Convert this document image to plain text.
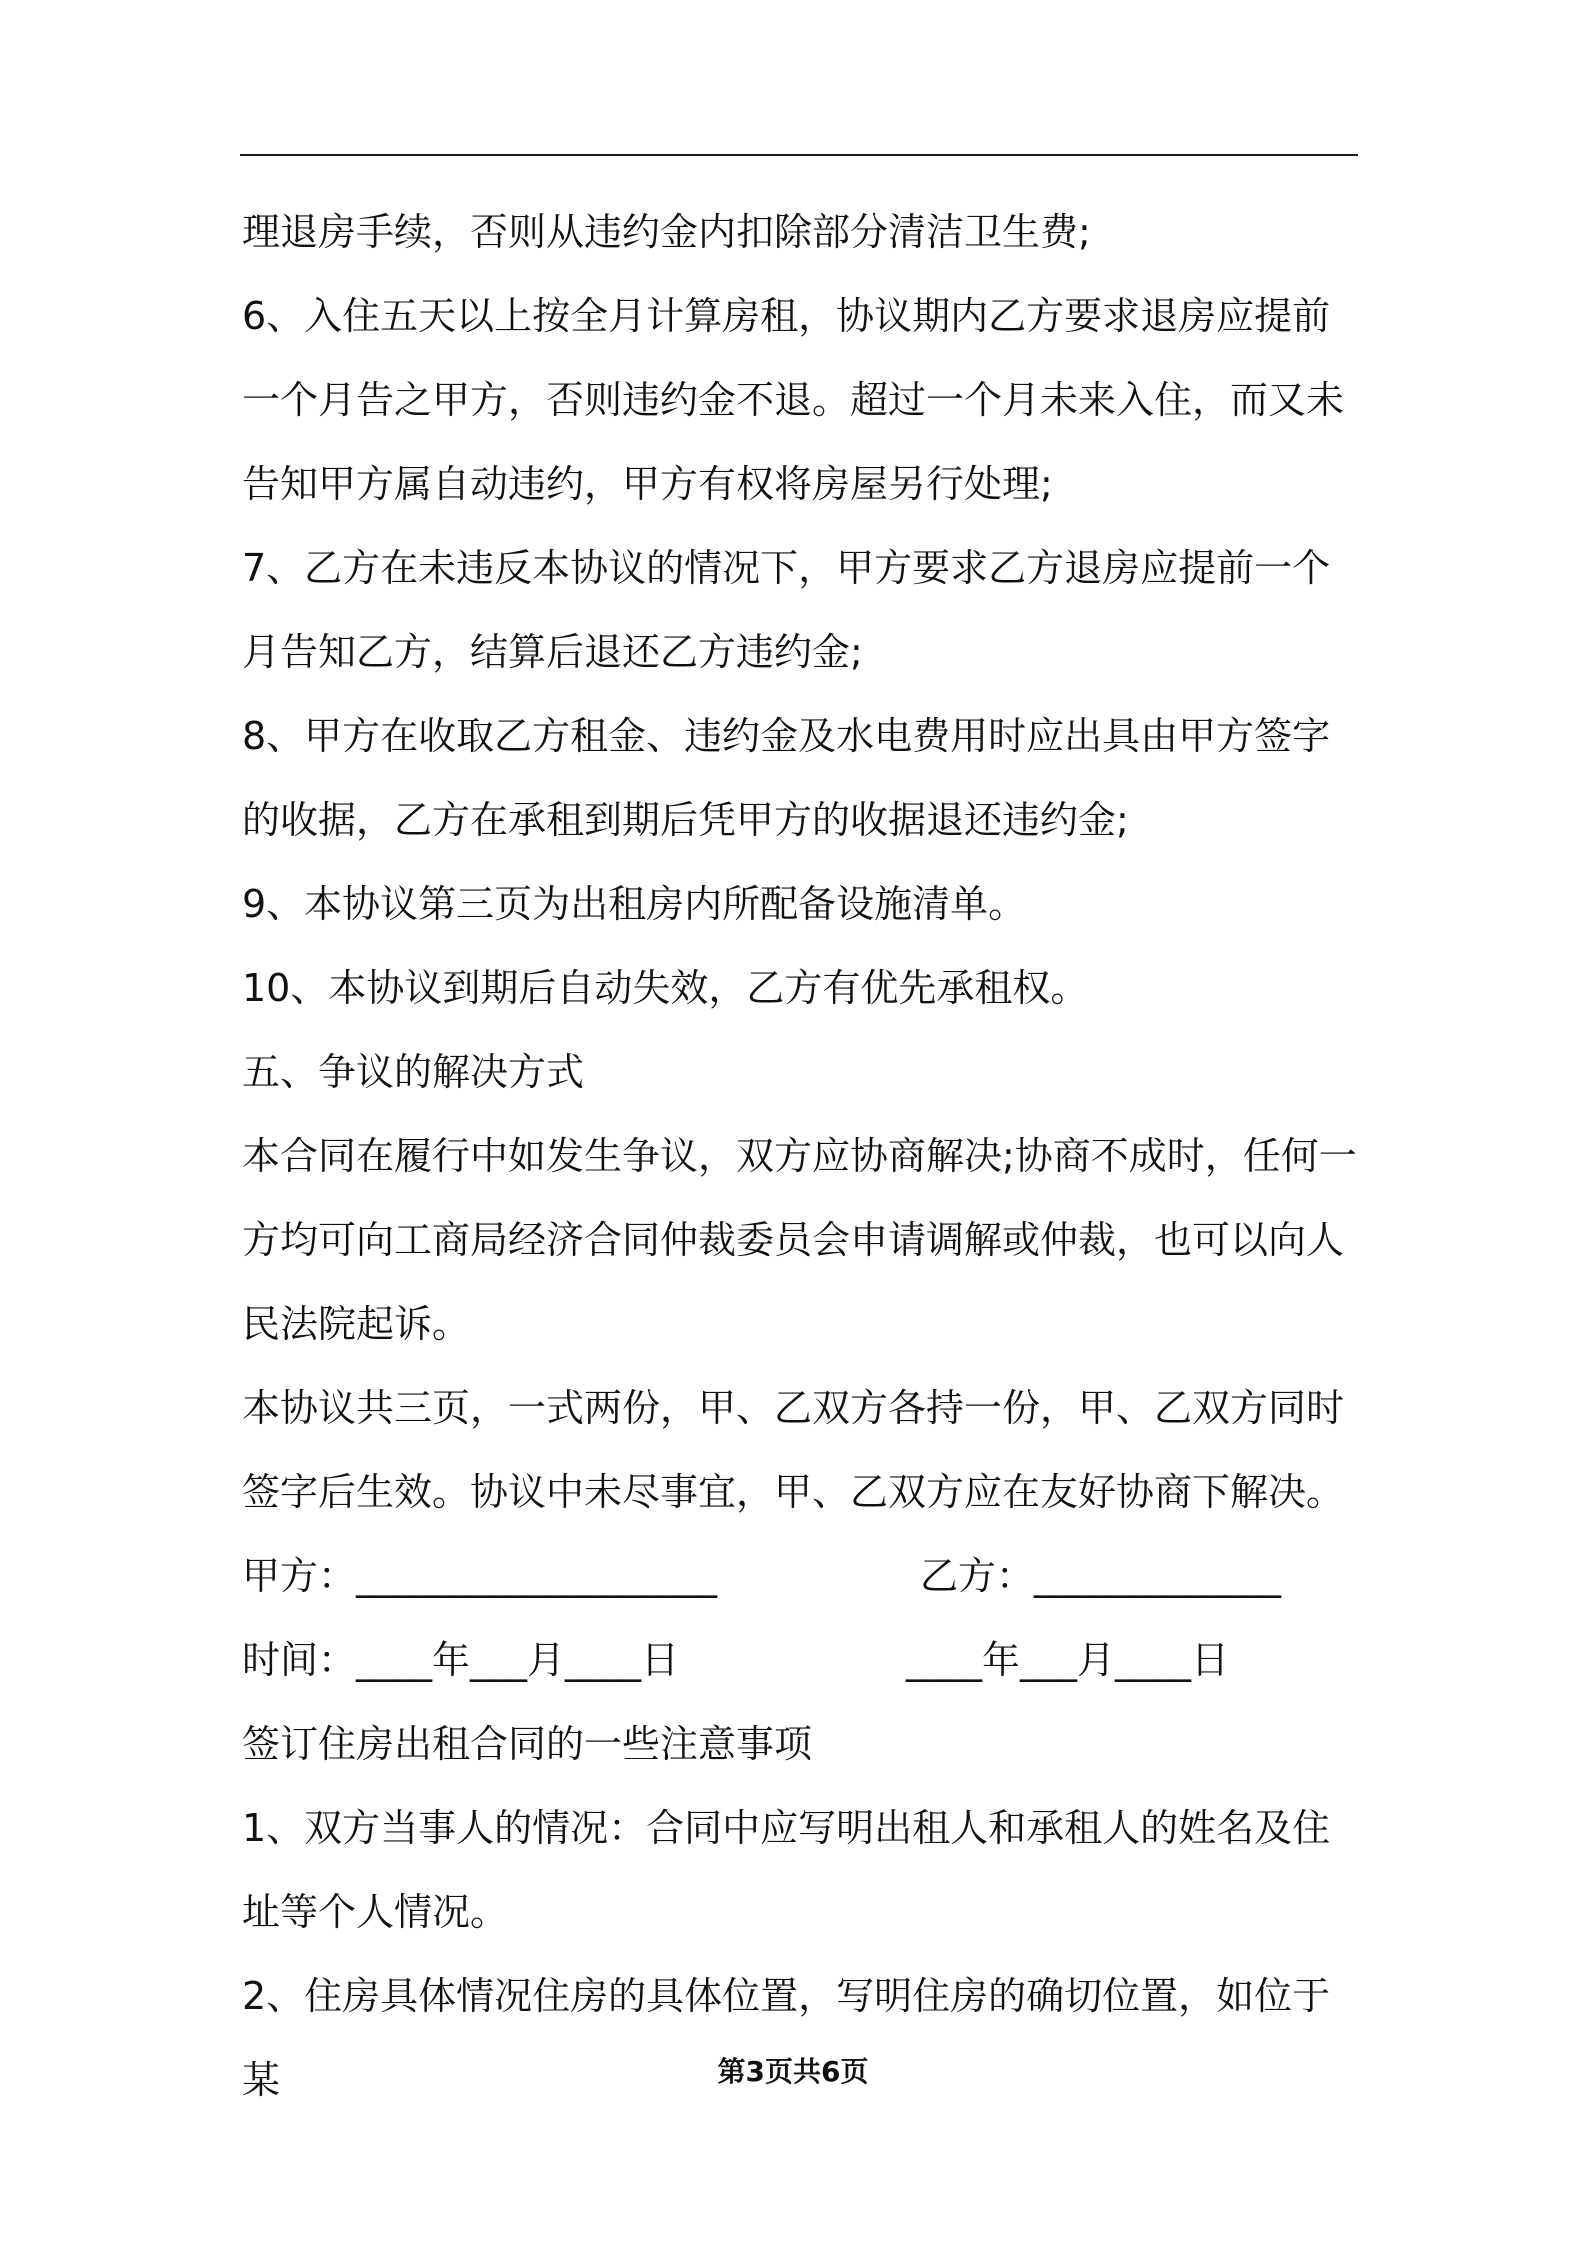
理退房手续，否则从违约金内扣除部分清洁卫生费;

6、入住五天以上按全月计算房租，协议期内乙方要求退房应提前一个月告之甲方，否则违约金不退。超过一个月未来入住，而又未告知甲方属自动违约，甲方有权将房屋另行处理;

7、乙方在未违反本协议的情况下，甲方要求乙方退房应提前一个月告知乙方，结算后退还乙方违约金;

8、甲方在收取乙方租金、违约金及水电费用时应出具由甲方签字的收据，乙方在承租到期后凭甲方的收据退还违约金;

9、本协议第三页为出租房内所配备设施清单。

10、本协议到期后自动失效，乙方有优先承租权。

五、争议的解决方式

本合同在履行中如发生争议，双方应协商解决;协商不成时，任何一方均可向工商局经济合同仲裁委员会申请调解或仲裁，也可以向人民法院起诉。

本协议共三页，一式两份，甲、乙双方各持一份，甲、乙双方同时签字后生效。协议中未尽事宜，甲、乙双方应在友好协商下解决。

甲方：___________________	乙方：_____________
时间：____年___月____日	____年___月____日

签订住房出租合同的一些注意事项

1、双方当事人的情况：合同中应写明出租人和承租人的姓名及住址等个人情况。

2、住房具体情况住房的具体位置，写明住房的确切位置，如位于某	第3页共6页
